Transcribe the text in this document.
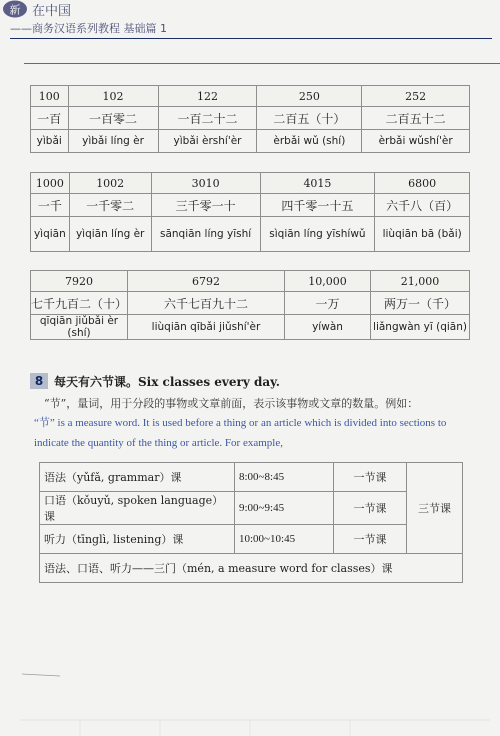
新 在中国
——商务汉语系列教程 基础篇 1
100	102	122	250	252
一百	一百零二	一百二十二	二百五（十）	二百五十二
yìbǎi	yìbǎi líng èr	yìbǎi èrshí'èr	èrbǎi wǔ (shí)	èrbǎi wǔshí'èr
1000	1002	3010	4015	6800
一千	一千零二	三千零一十	四千零一十五	六千八（百）
yìqiān	yìqiān líng èr	sānqiān líng yīshí	sìqiān líng yīshíwǔ	liùqiān bā (bǎi)
7920	6792	10,000	21,000
七千九百二（十）	六千七百九十二	一万	两万一（千）
qīqiān jiǔbǎi èr (shí)	liùqiān qībǎi jiǔshí'èr	yíwàn	liǎngwàn yī (qiān)
8 每天有六节课。Six classes every day.
“节”，量词，用于分段的事物或文章前面，表示该事物或文章的数量。例如：
“节” is a measure word. It is used before a thing or an article which is divided into sections to indicate the quantity of the thing or article. For example,
语法（yǔfǎ, grammar）课	8:00~8:45	一节课	三节课
口语（kǒuyǔ, spoken language）课	9:00~9:45	一节课	
听力（tīnglì, listening）课	10:00~10:45	一节课	
语法、口语、听力——三门（mén, a measure word for classes）课			
